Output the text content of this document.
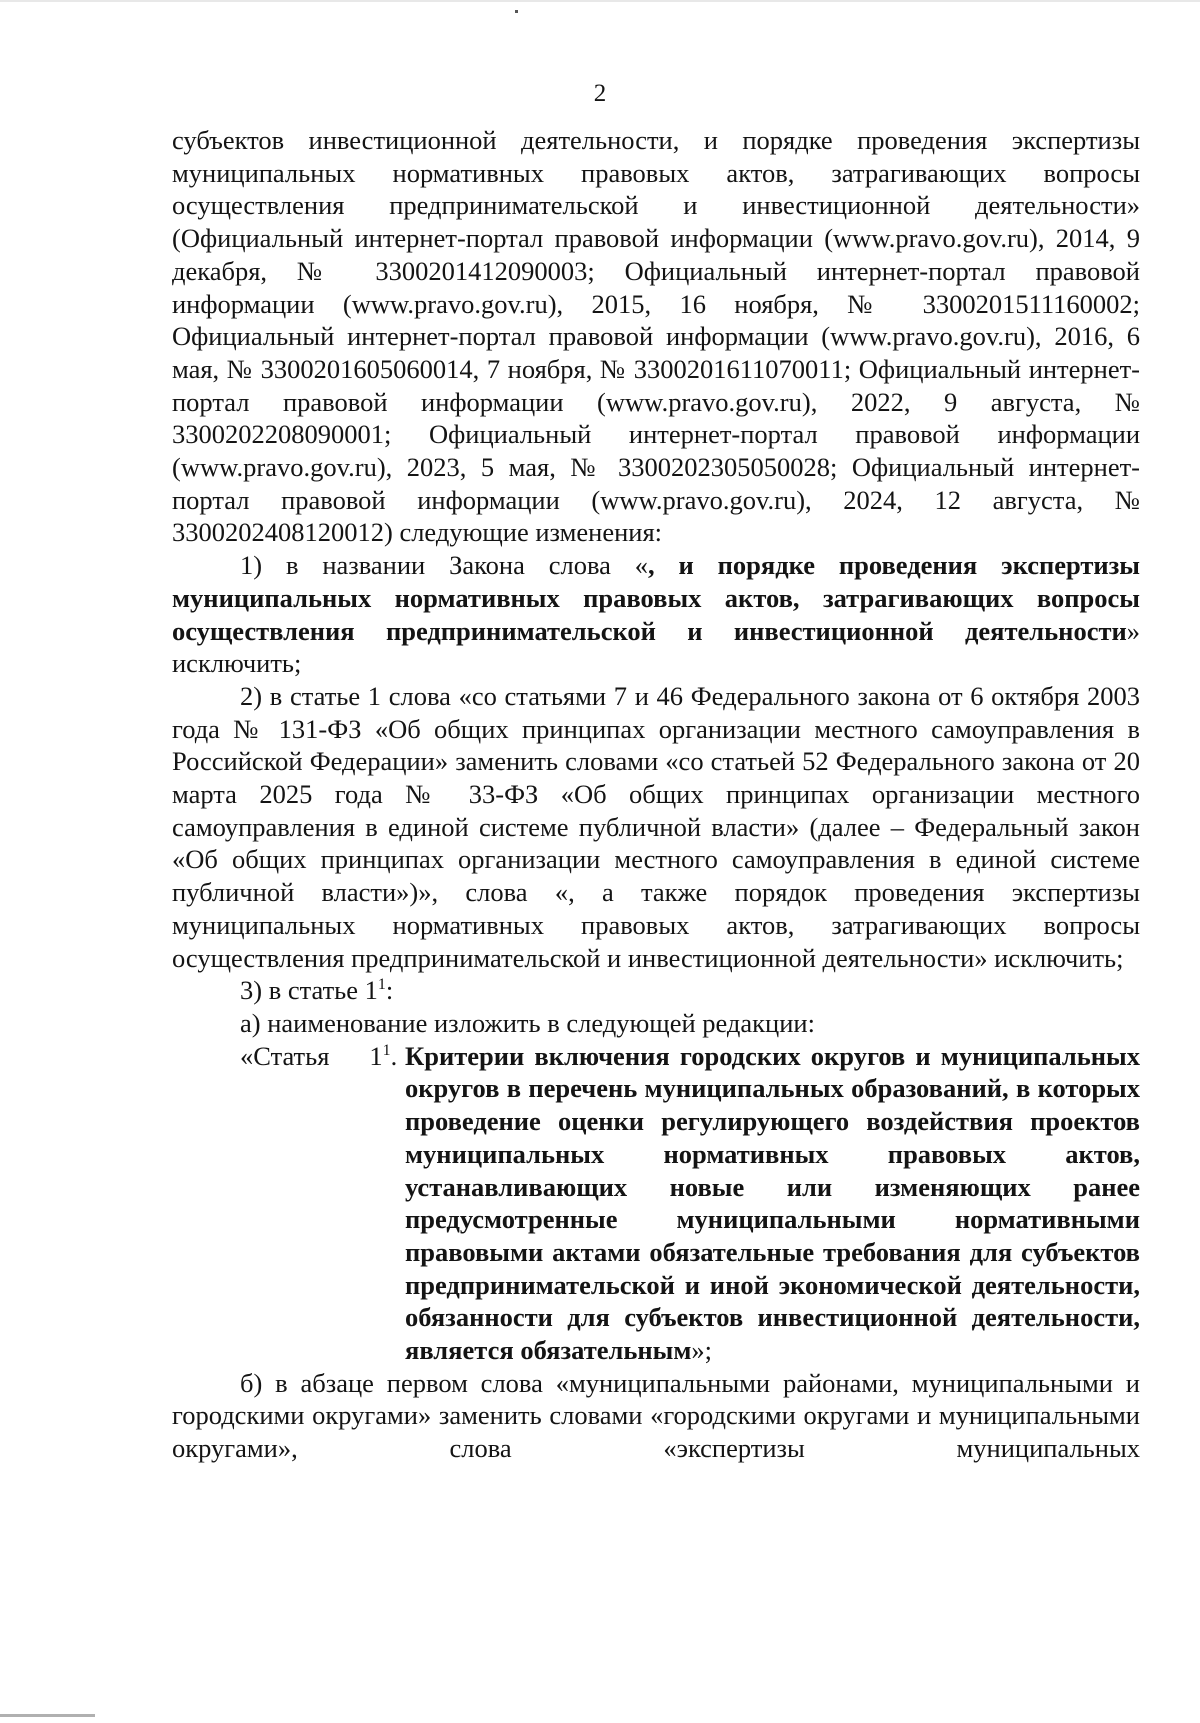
2

субъектов инвестиционной деятельности, и порядке проведения экспертизы муниципальных нормативных правовых актов, затрагивающих вопросы осуществления предпринимательской и инвестиционной деятельности» (Официальный интернет-портал правовой информации (www.pravo.gov.ru), 2014, 9 декабря, № 3300201412090003; Официальный интернет-портал правовой информации (www.pravo.gov.ru), 2015, 16 ноября, № 3300201511160002; Официальный интернет-портал правовой информации (www.pravo.gov.ru), 2016, 6 мая, № 3300201605060014, 7 ноября, № 3300201611070011; Официальный интернет-портал правовой информации (www.pravo.gov.ru), 2022, 9 августа, № 3300202208090001; Официальный интернет-портал правовой информации (www.pravo.gov.ru), 2023, 5 мая, № 3300202305050028; Официальный интернет-портал правовой информации (www.pravo.gov.ru), 2024, 12 августа, № 3300202408120012) следующие изменения:

1) в названии Закона слова «, и порядке проведения экспертизы муниципальных нормативных правовых актов, затрагивающих вопросы осуществления предпринимательской и инвестиционной деятельности» исключить;

2) в статье 1 слова «со статьями 7 и 46 Федерального закона от 6 октября 2003 года № 131-ФЗ «Об общих принципах организации местного самоуправления в Российской Федерации» заменить словами «со статьей 52 Федерального закона от 20 марта 2025 года № 33-ФЗ «Об общих принципах организации местного самоуправления в единой системе публичной власти» (далее – Федеральный закон «Об общих принципах организации местного самоуправления в единой системе публичной власти»)», слова «, а также порядок проведения экспертизы муниципальных нормативных правовых актов, затрагивающих вопросы осуществления предпринимательской и инвестиционной деятельности» исключить;

3) в статье $1^1$:

а) наименование изложить в следующей редакции:

«Статья $1^1$. Критерии включения городских округов и муниципальных округов в перечень муниципальных образований, в которых проведение оценки регулирующего воздействия проектов муниципальных нормативных правовых актов, устанавливающих новые или изменяющих ранее предусмотренные муниципальными нормативными правовыми актами обязательные требования для субъектов предпринимательской и иной экономической деятельности, обязанности для субъектов инвестиционной деятельности, является обязательным»;

б) в абзаце первом слова «муниципальными районами, муниципальными и городскими округами» заменить словами «городскими округами и муниципальными округами», слова «экспертизы муниципальных
